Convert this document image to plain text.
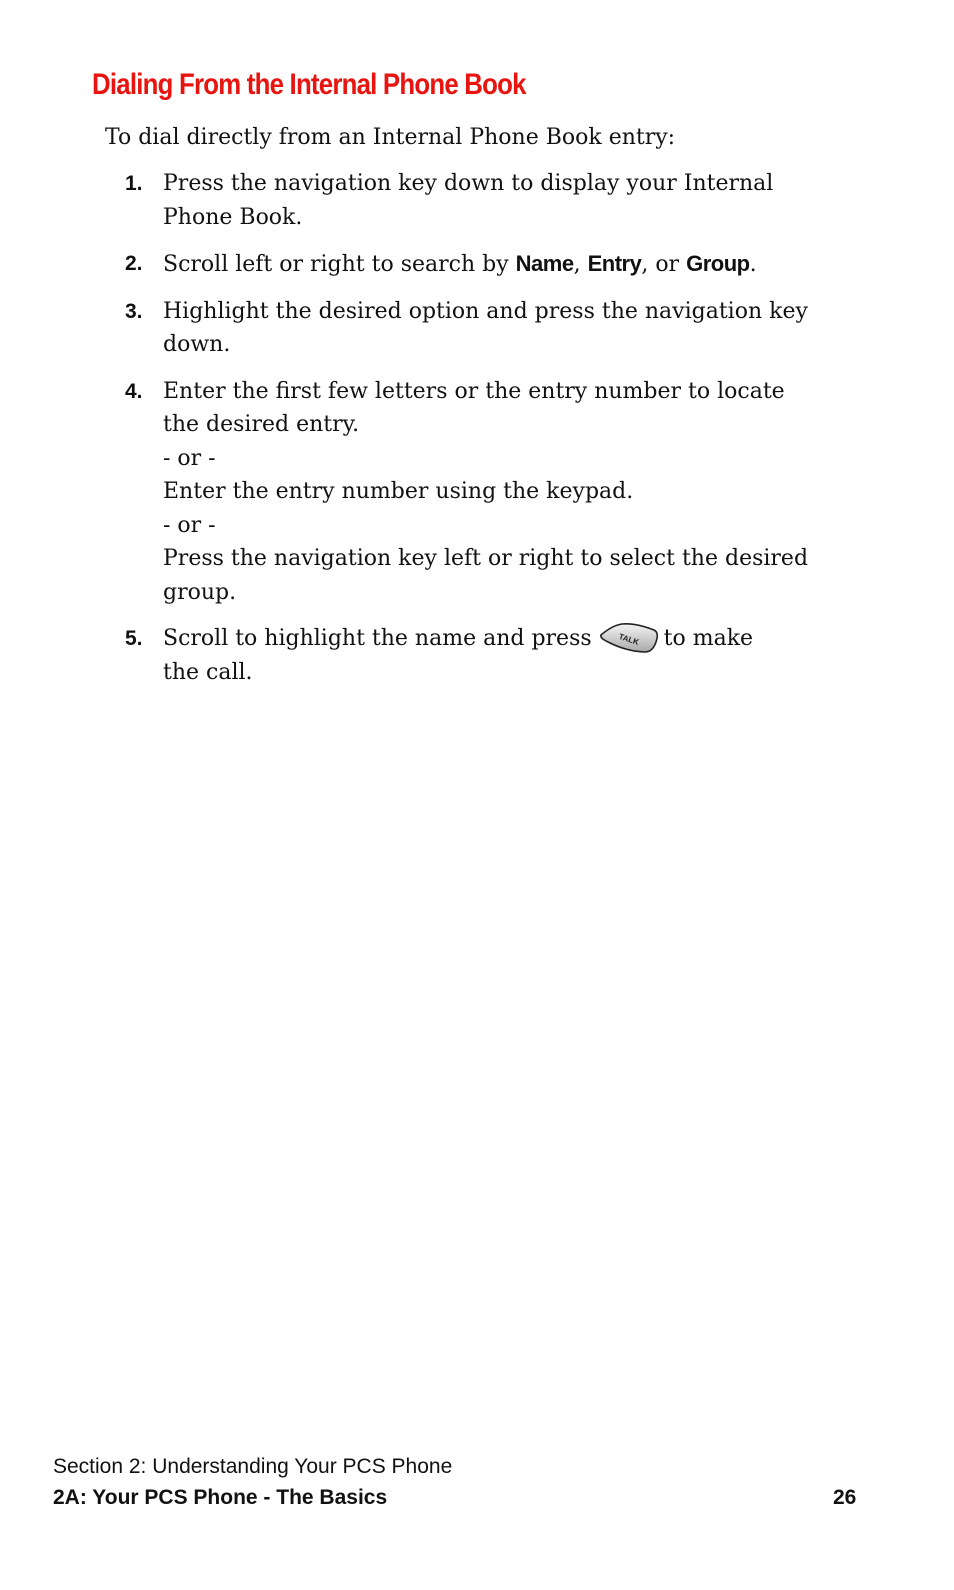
Dialing From the Internal Phone Book

To dial directly from an Internal Phone Book entry:

1. Press the navigation key down to display your Internal
Phone Book.
2. Scroll left or right to search by Name, Entry, or Group.
3. Highlight the desired option and press the navigation key
down.
4. Enter the first few letters or the entry number to locate
the desired entry.
- or -
Enter the entry number using the keypad.
- or -
Press the navigation key left or right to select the desired
group.
5. Scroll to highlight the name and press	TALK to make
the call.

Section 2: Understanding Your PCS Phone

2A: Your PCS Phone - The Basics	26
